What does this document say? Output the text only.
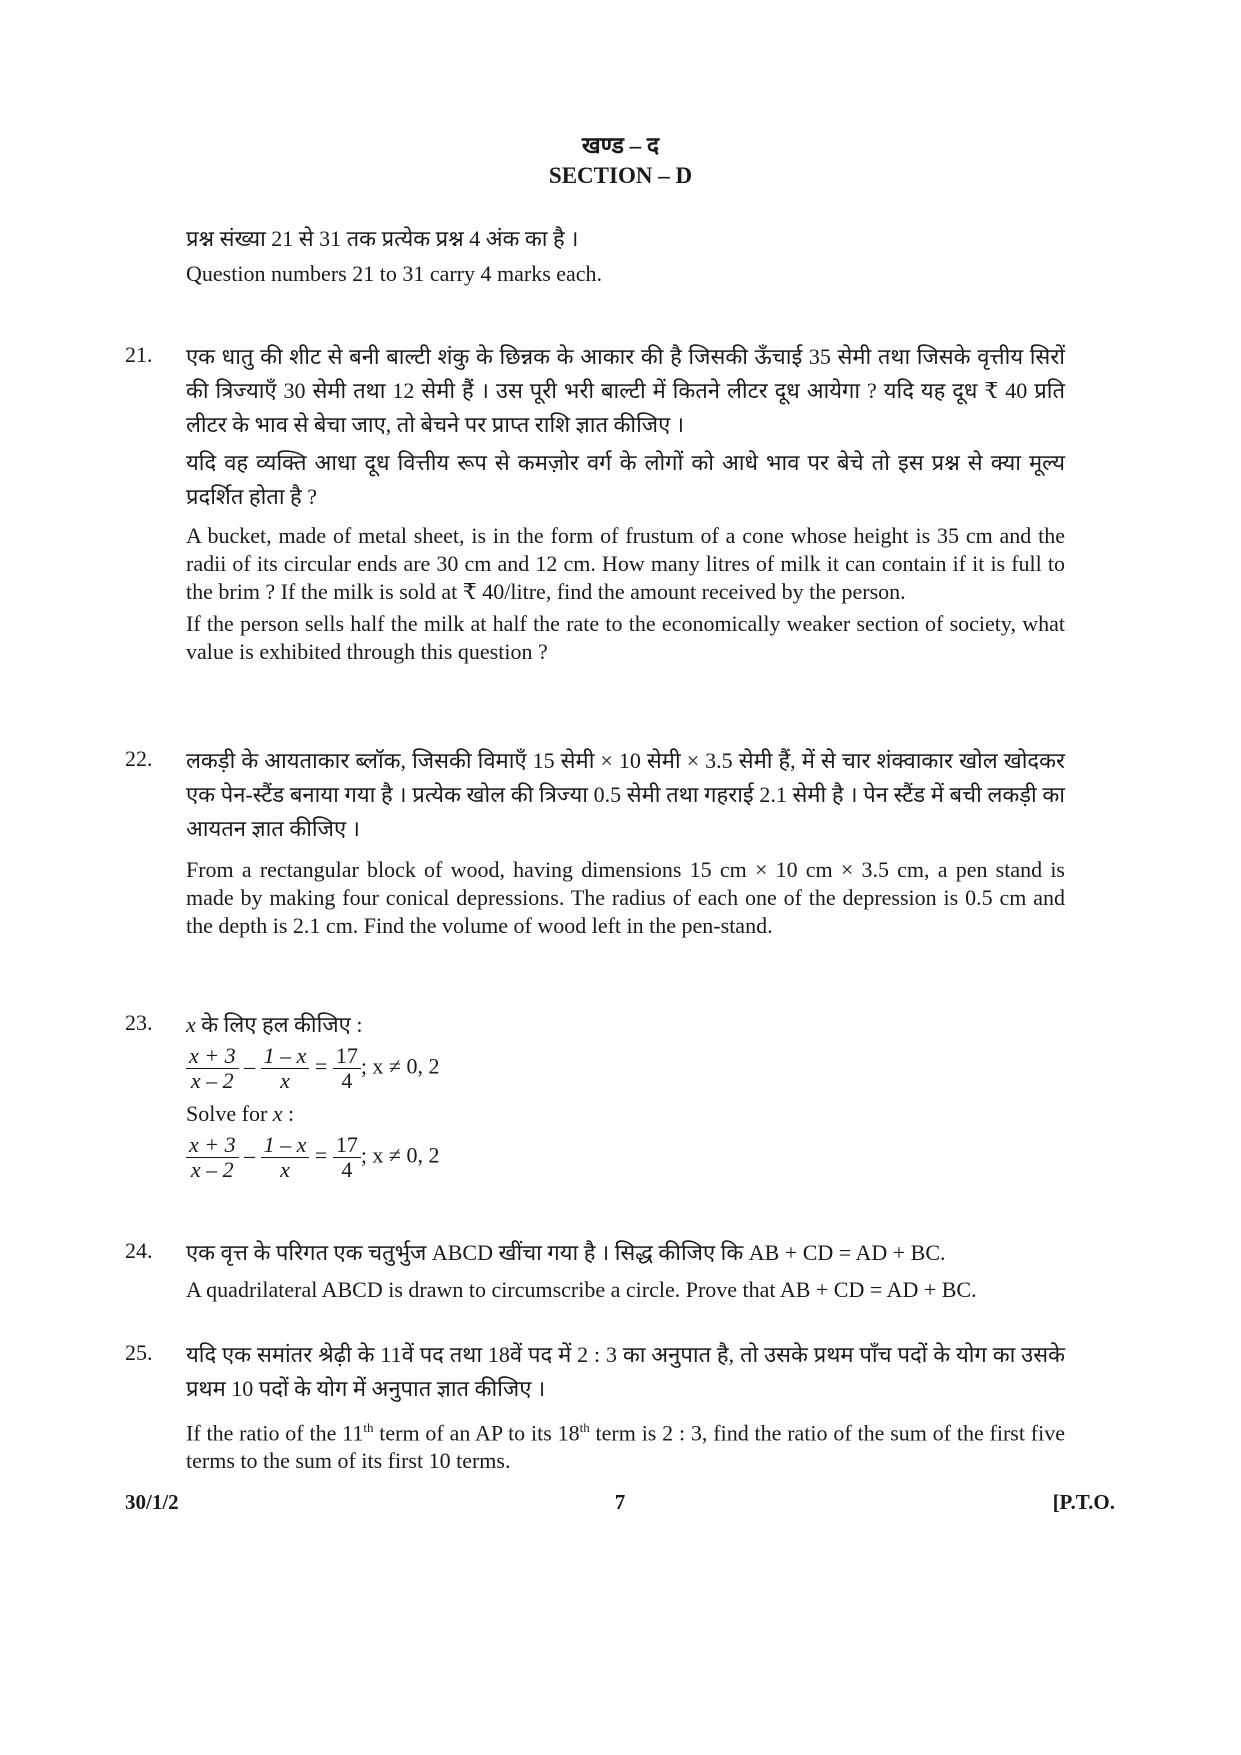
खण्ड – द
SECTION – D
प्रश्न संख्या 21 से 31 तक प्रत्येक प्रश्न 4 अंक का है ।
Question numbers 21 to 31 carry 4 marks each.
21.	एक धातु की शीट से बनी बाल्टी शंकु के छिन्नक के आकार की है जिसकी ऊँचाई 35 सेमी तथा जिसके वृत्तीय सिरों की त्रिज्याएँ 30 सेमी तथा 12 सेमी हैं । उस पूरी भरी बाल्टी में कितने लीटर दूध आयेगा ? यदि यह दूध ₹ 40 प्रति लीटर के भाव से बेचा जाए, तो बेचने पर प्राप्त राशि ज्ञात कीजिए ।

यदि वह व्यक्ति आधा दूध वित्तीय रूप से कमज़ोर वर्ग के लोगों को आधे भाव पर बेचे तो इस प्रश्न से क्या मूल्य प्रदर्शित होता है ?

A bucket, made of metal sheet, is in the form of frustum of a cone whose height is 35 cm and the radii of its circular ends are 30 cm and 12 cm. How many litres of milk it can contain if it is full to the brim ? If the milk is sold at ₹ 40/litre, find the amount received by the person.

If the person sells half the milk at half the rate to the economically weaker section of society, what value is exhibited through this question ?

22.	लकड़ी के आयताकार ब्लॉक, जिसकी विमाएँ 15 सेमी × 10 सेमी × 3.5 सेमी हैं, में से चार शंक्वाकार खोल खोदकर एक पेन-स्टैंड बनाया गया है । प्रत्येक खोल की त्रिज्या 0.5 सेमी तथा गहराई 2.1 सेमी है । पेन स्टैंड में बची लकड़ी का आयतन ज्ञात कीजिए ।

From a rectangular block of wood, having dimensions 15 cm × 10 cm × 3.5 cm, a pen stand is made by making four conical depressions. The radius of each one of the depression is 0.5 cm and the depth is 2.1 cm. Find the volume of wood left in the pen-stand.

23.	x के लिए हल कीजिए :
$\frac{x + 3}{x - 2} - \frac{1 - x}{x} = \frac{17}{4}$ ; x ≠ 0, 2
Solve for x :
$\frac{x + 3}{x - 2} - \frac{1 - x}{x} = \frac{17}{4}$ ; x ≠ 0, 2
24.	एक वृत्त के परिगत एक चतुर्भुज ABCD खींचा गया है । सिद्ध कीजिए कि AB + CD = AD + BC.

A quadrilateral ABCD is drawn to circumscribe a circle. Prove that AB + CD = AD + BC.

25.	यदि एक समांतर श्रेढ़ी के 11वें पद तथा 18वें पद में 2 : 3 का अनुपात है, तो उसके प्रथम पाँच पदों के योग का उसके प्रथम 10 पदों के योग में अनुपात ज्ञात कीजिए ।

If the ratio of the 11th term of an AP to its 18th term is 2 : 3, find the ratio of the sum of the first five terms to the sum of its first 10 terms.

30/1/2	7	[P.T.O.
